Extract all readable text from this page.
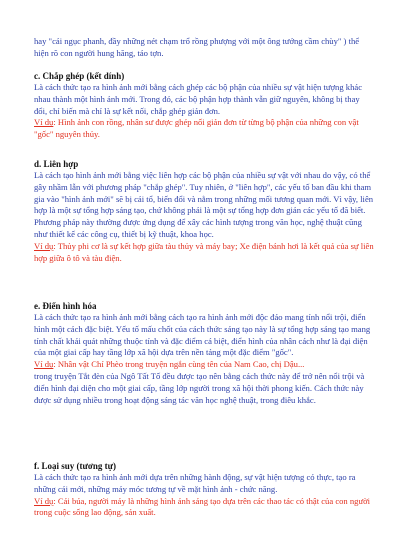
hay "cái ngục phanh, đầy những nét chạm trổ rồng phượng với một ông tướng cầm chùy" ) thể hiện rõ con người hung hăng, táo tợn.

c. Chắp ghép (kết dính)

Là cách thức tạo ra hình ảnh mới bằng cách ghép các bộ phận của nhiều sự vật hiện tượng khác nhau thành một hình ảnh mới. Trong đó, các bộ phận hợp thành vẫn giữ nguyên, không bị thay đổi, chỉ biến mà chỉ là sự kết nối, chắp ghép giản đơn.

Ví dụ: Hình ảnh con rồng, nhân sư được ghép nối giản đơn từ từng bộ phận của những con vật "gốc" nguyên thủy.

d. Liên hợp

Là cách tạo hình ảnh mới bằng việc liên hợp các bộ phận của nhiều sự vật với nhau do vậy, có thể gây nhầm lẫn với phương pháp "chắp ghép". Tuy nhiên, ở "liên hợp", các yếu tố ban đầu khi tham gia vào "hình ảnh mới" sẽ bị cải tổ, biến đổi và nằm trong những mối tương quan mới. Vì vậy, liên hợp là một sự tổng hợp sáng tạo, chứ không phải là một sự tổng hợp đơn giản các yếu tố đã biết. Phương pháp này thường được ứng dụng để xây các hình tượng trong văn học, nghệ thuật cũng như thiết kế các công cụ, thiết bị kỹ thuật, khoa học.

Ví dụ: Thủy phi cơ là sự kết hợp giữa tàu thủy và máy bay; Xe điện bánh hơi là kết quả của sự liên hợp giữa ô tô và tàu điện.

e. Điển hình hóa

Là cách thức tạo ra hình ảnh mới bằng cách tạo ra hình ảnh mới độc đáo mang tính nổi trội, điển hình một cách đặc biệt. Yếu tố mấu chốt của cách thức sáng tạo này là sự tổng hợp sáng tạo mang tính chất khái quát những thuộc tính và đặc điểm cá biệt, điển hình của nhân cách như là đại diện của một giai cấp hay tầng lớp xã hội dựa trên nền tảng một đặc điểm "gốc".

Ví dụ: Nhân vật Chí Phèo trong truyện ngắn cùng tên của Nam Cao, chị Dậu...

trong truyện Tắt đèn của Ngô Tất Tố đều được tạo nên bằng cách thức này để trở nên nổi trội và điển hình đại diện cho một giai cấp, tầng lớp người trong xã hội thời phong kiến. Cách thức này được sử dụng nhiều trong hoạt động sáng tác văn học nghệ thuật, trong điêu khắc.

f. Loại suy (tương tự)

Là cách thức tạo ra hình ảnh mới dựa trên những hành động, sự vật hiện tượng có thực, tạo ra những cái mới, những máy móc tương tự về mặt hình ảnh - chức năng.

Ví dụ: Cái búa, người máy là những hình ảnh sáng tạo dựa trên các thao tác có thật của con người trong cuộc sống lao động, sản xuất.
